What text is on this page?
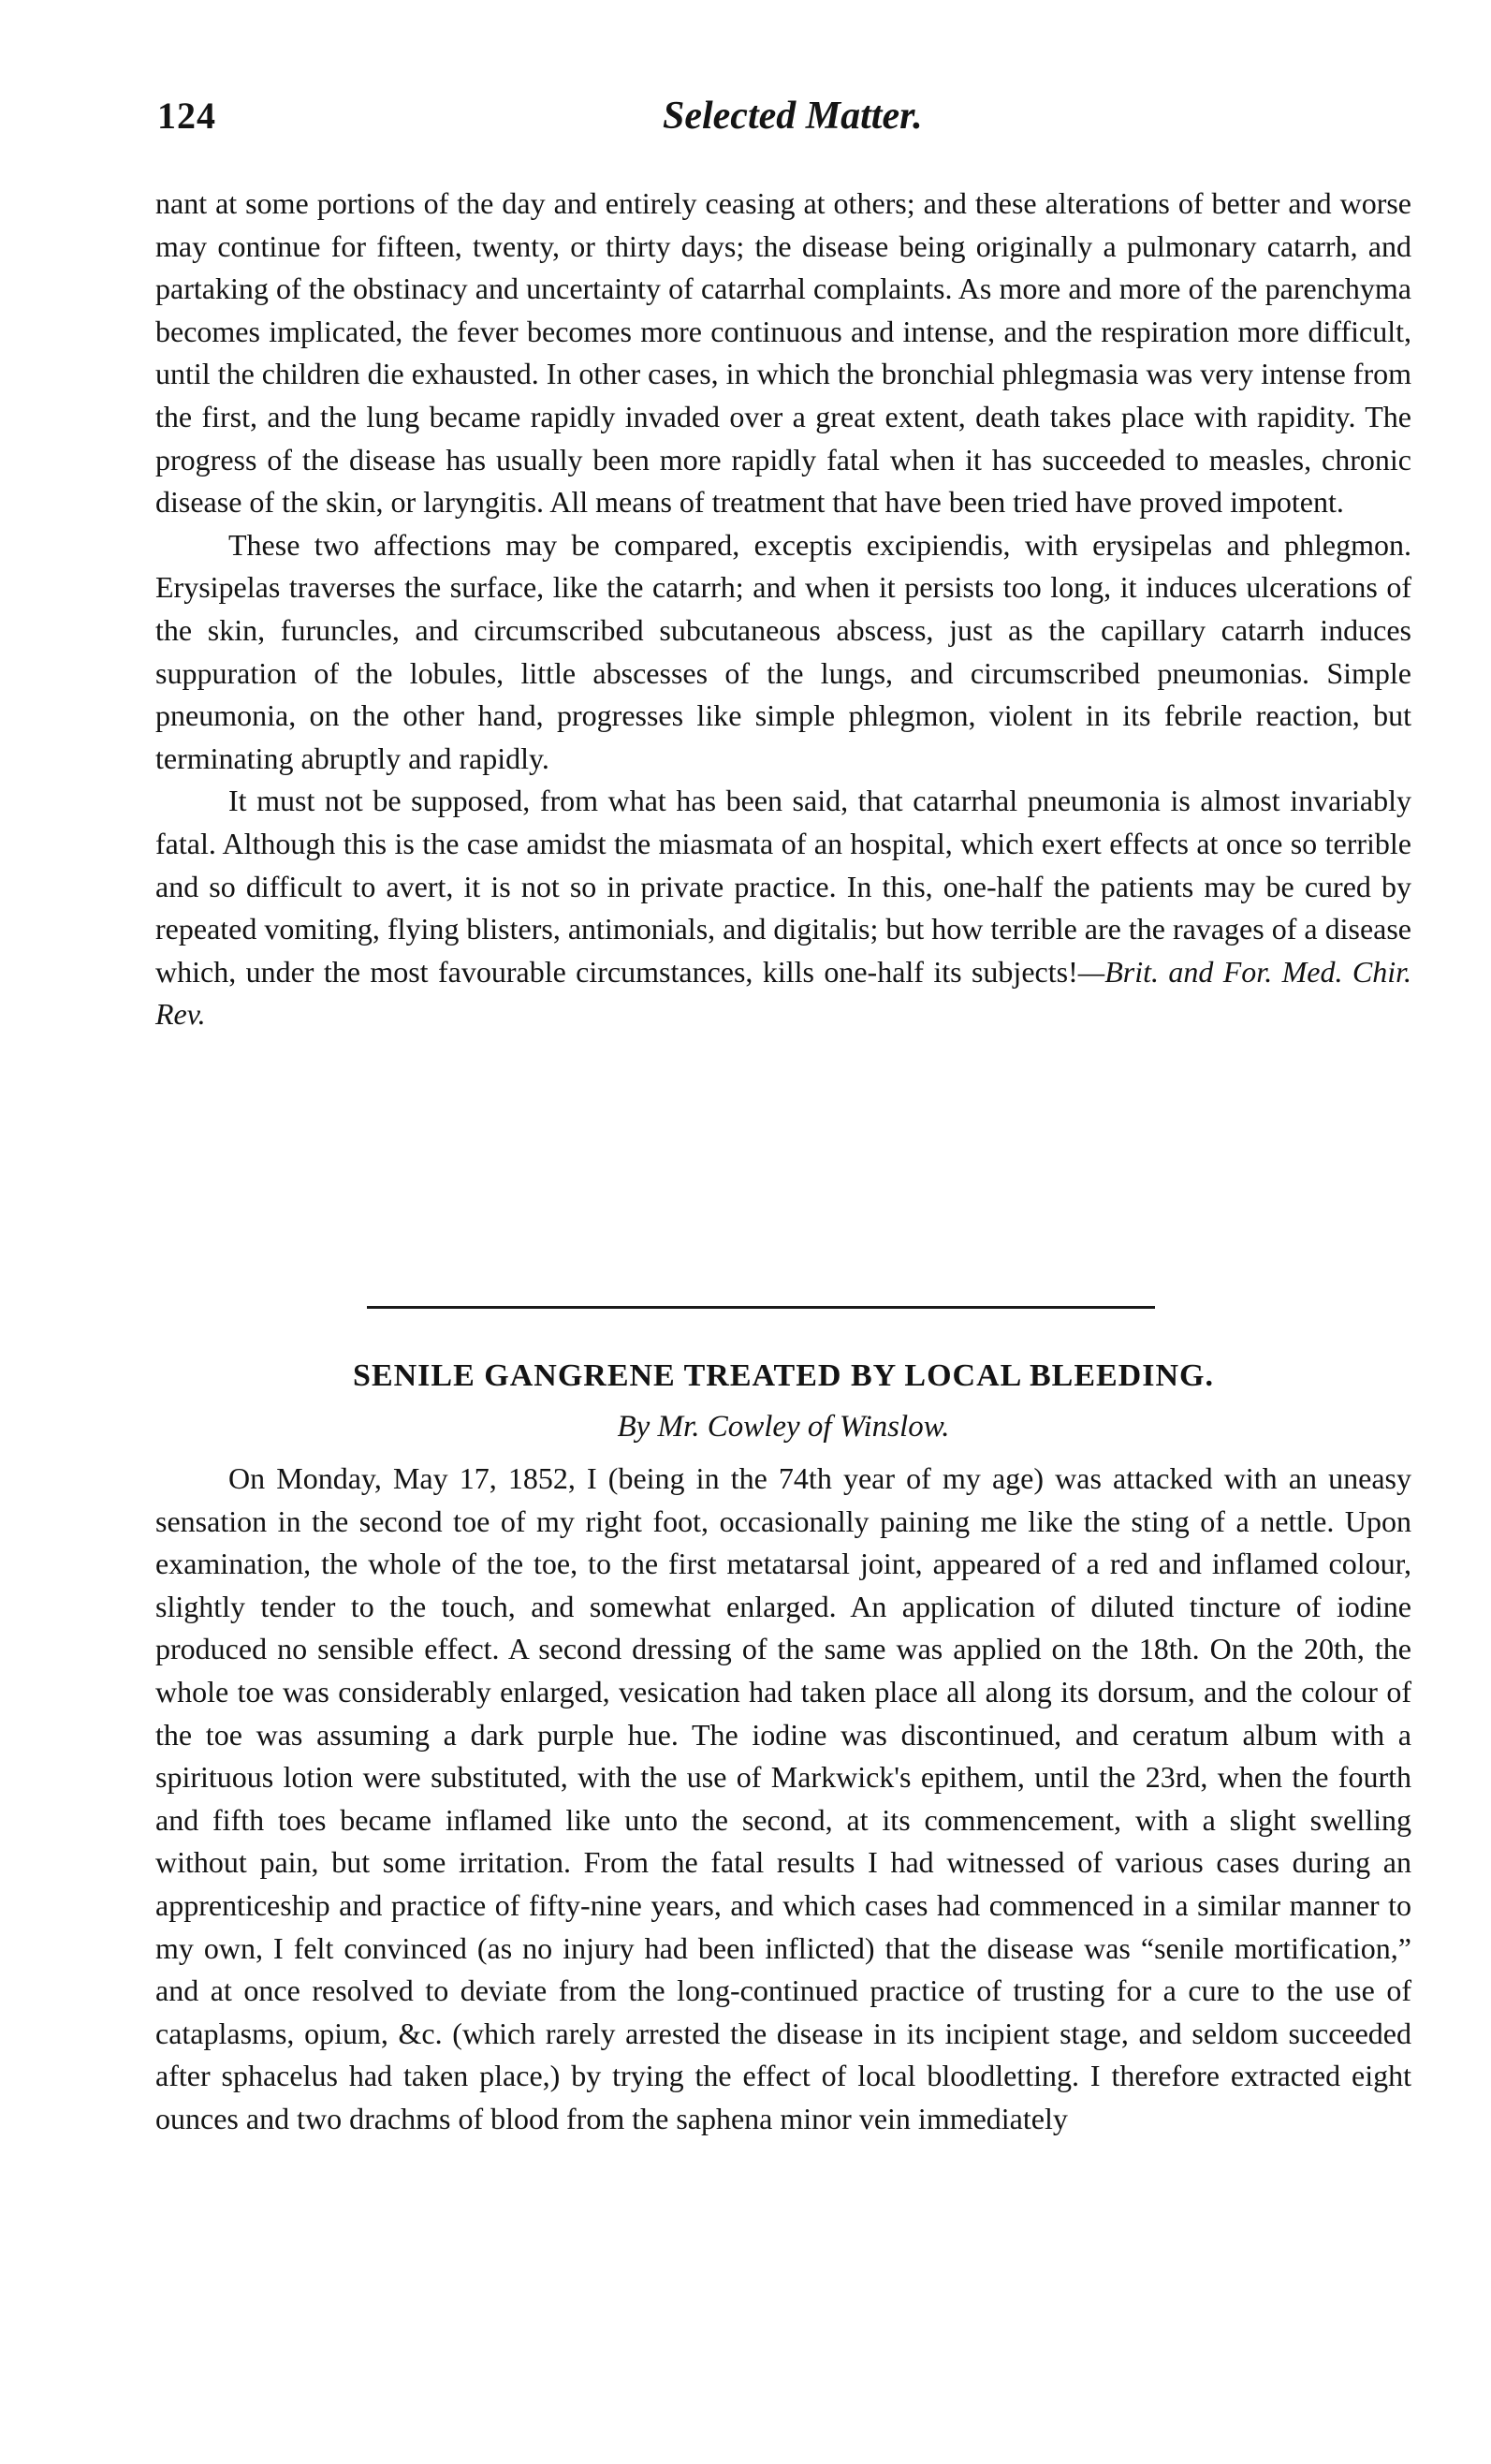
124	Selected Matter.

nant at some portions of the day and entirely ceasing at others; and these alterations of better and worse may continue for fifteen, twenty, or thirty days; the disease being originally a pulmonary catarrh, and partaking of the obstinacy and uncertainty of catarrhal complaints. As more and more of the parenchyma becomes implicated, the fever becomes more continuous and intense, and the respiration more difficult, until the children die exhausted. In other cases, in which the bronchial phlegmasia was very intense from the first, and the lung became rapidly invaded over a great extent, death takes place with rapidity. The progress of the disease has usually been more rapidly fatal when it has succeeded to measles, chronic disease of the skin, or laryngitis. All means of treatment that have been tried have proved impotent.

These two affections may be compared, exceptis excipiendis, with erysipelas and phlegmon. Erysipelas traverses the surface, like the catarrh; and when it persists too long, it induces ulcerations of the skin, furuncles, and circumscribed subcutaneous abscess, just as the capillary catarrh induces suppuration of the lobules, little abscesses of the lungs, and circumscribed pneumonias. Simple pneumonia, on the other hand, progresses like simple phlegmon, violent in its febrile reaction, but terminating abruptly and rapidly.

It must not be supposed, from what has been said, that catarrhal pneumonia is almost invariably fatal. Although this is the case amidst the miasmata of an hospital, which exert effects at once so terrible and so difficult to avert, it is not so in private practice. In this, one-half the patients may be cured by repeated vomiting, flying blisters, antimonials, and digitalis; but how terrible are the ravages of a disease which, under the most favourable circumstances, kills one-half its subjects!—Brit. and For. Med. Chir. Rev.

SENILE GANGRENE TREATED BY LOCAL BLEEDING.
By Mr. Cowley of Winslow.

On Monday, May 17, 1852, I (being in the 74th year of my age) was attacked with an uneasy sensation in the second toe of my right foot, occasionally paining me like the sting of a nettle. Upon examination, the whole of the toe, to the first metatarsal joint, appeared of a red and inflamed colour, slightly tender to the touch, and somewhat enlarged. An application of diluted tincture of iodine produced no sensible effect. A second dressing of the same was applied on the 18th. On the 20th, the whole toe was considerably enlarged, vesication had taken place all along its dorsum, and the colour of the toe was assuming a dark purple hue. The iodine was discontinued, and ceratum album with a spirituous lotion were substituted, with the use of Markwick's epithem, until the 23rd, when the fourth and fifth toes became inflamed like unto the second, at its commencement, with a slight swelling without pain, but some irritation. From the fatal results I had witnessed of various cases during an apprenticeship and practice of fifty-nine years, and which cases had commenced in a similar manner to my own, I felt convinced (as no injury had been inflicted) that the disease was “senile mortification,” and at once resolved to deviate from the long-continued practice of trusting for a cure to the use of cataplasms, opium, &c. (which rarely arrested the disease in its incipient stage, and seldom succeeded after sphacelus had taken place,) by trying the effect of local bloodletting. I therefore extracted eight ounces and two drachms of blood from the saphena minor vein immediately
